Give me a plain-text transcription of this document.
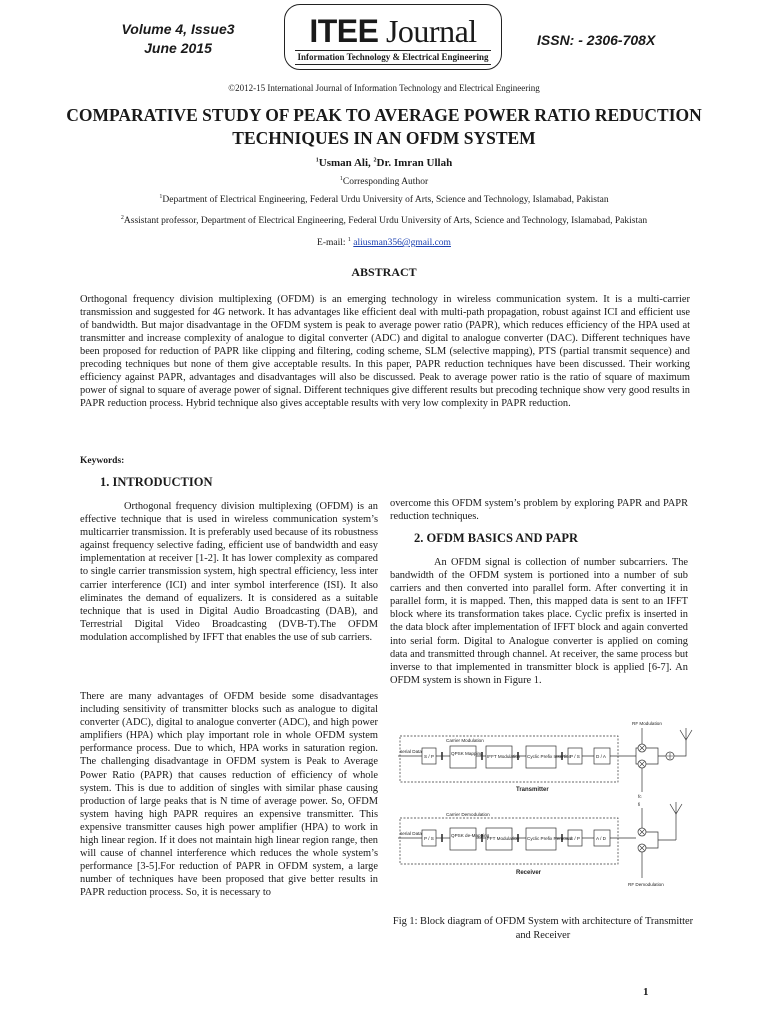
Volume 4, Issue3
June 2015	ITEE Journal
Information Technology & Electrical Engineering
ISSN: - 2306-708X
©2012-15 International Journal of Information Technology and Electrical Engineering
COMPARATIVE STUDY OF PEAK TO AVERAGE POWER RATIO REDUCTION TECHNIQUES IN AN OFDM SYSTEM
$^1$Usman Ali, $^2$Dr. Imran Ullah
$^1$Corresponding Author
$^1$Department of Electrical Engineering, Federal Urdu University of Arts, Science and Technology, Islamabad, Pakistan
$^2$Assistant professor, Department of Electrical Engineering, Federal Urdu University of Arts, Science and Technology, Islamabad, Pakistan
E-mail: $^1$ aliusman356@gmail.com
ABSTRACT

Orthogonal frequency division multiplexing (OFDM) is an emerging technology in wireless communication system. It is a multi-carrier transmission and suggested for 4G network. It has advantages like efficient deal with multi-path propagation, robust against ICI and efficient use of bandwidth. But major disadvantage in the OFDM system is peak to average power ratio (PAPR), which reduces efficiency of the HPA used at transmitter and increase complexity of analogue to digital converter (ADC) and digital to analogue converter (DAC). Different techniques have been proposed for reduction of PAPR like clipping and filtering, coding scheme, SLM (selective mapping), PTS (partial transmit sequence) and precoding techniques but none of them give acceptable results. In this paper, PAPR reduction techniques have been discussed. Their working efficiency against PAPR, advantages and disadvantages will also be discussed. Peak to average power ratio is the ratio of square of maximum power of signal to square of average power of signal. Different techniques give different results but precoding technique show very good results in PAPR reduction process. Hybrid technique also gives acceptable results with very low complexity in PAPR reduction.

Keywords:
1. INTRODUCTION

Orthogonal frequency division multiplexing (OFDM) is an effective technique that is used in wireless communication system’s multicarrier transmission. It is preferably used because of its robustness against frequency selective fading, efficient use of bandwidth and easy implementation at receiver [1-2]. It has lower complexity as compared to single carrier transmission system, high spectral efficiency, less inter carrier interference (ICI) and inter symbol interference (ISI). It also eliminates the demand of equalizers. It is considered as a suitable technique that is used in Digital Audio Broadcasting (DAB), and Terrestrial Digital Video Broadcasting (DVB-T).The OFDM modulation accomplished by IFFT that enables the use of sub carriers.

There are many advantages of OFDM beside some disadvantages including sensitivity of transmitter blocks such as analogue to digital converter (ADC), digital to analogue converter (ADC), and high power amplifiers (HPA) which play important role in whole OFDM system performance process. Due to which, HPA works in saturation region. The challenging disadvantage in OFDM system is Peak to Average Power Ratio (PAPR) that causes reduction of efficiency of whole system. This is due to addition of singles with similar phase causing production of large peaks that is N time of average power. So, OFDM system having high PAPR requires an expensive transmitter. This expensive transmitter causes high power amplifier (HPA) to work in high linear region. If it does not maintain high linear region range, then will cause of channel interference which reduces the whole system’s performance [3-5].For reduction of PAPR in OFDM system, a large number of techniques have been proposed that give better results in PAPR reduction process. So, it is necessary to

overcome this OFDM system’s problem by exploring PAPR and PAPR reduction techniques.

2. OFDM BASICS AND PAPR

An OFDM signal is collection of number subcarriers. The bandwidth of the OFDM system is portioned into a number of sub carriers and then converted into parallel form. After converting it in parallel form, it is mapped. Then, this mapped data is sent to an IFFT block where its transformation takes place. Cyclic prefix is inserted in the data block after implementation of IFFT block and again converted into serial form. Digital to Analogue converter is applied on coming data and transmitted through channel. At receiver, the same process but inverse to that implemented in transmitter block is applied [6-7]. An OFDM system is shown in Figure 1.

serial Data
S / P
QPSK Mapping
IFFT Modulation Cyclic Prefix Insertion
P / S	D / A
Carrier Modulation
RF Modulation
Transmitter
fc
serial Data
P / S
QPSK de-Mapping
FFT Modulation Cyclic Prefix Removal
S / P	A / D
Carrier Demodulation
Receiver
fi
RF Demodulation

Fig 1: Block diagram of OFDM System with architecture of Transmitter and Receiver

1
